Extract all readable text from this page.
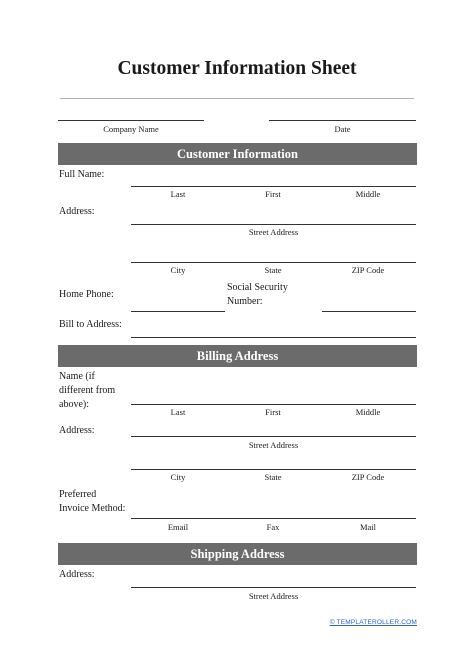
Customer Information Sheet
Company Name	Date
Customer Information
Full Name:
Last	First	Middle
Address:
Street Address
City	State	ZIP Code
Home Phone:
Social Security
Number:
Bill to Address:
Billing Address
Name (if
different from
above):
Last	First	Middle
Address:
Street Address
City	State	ZIP Code
Preferred
Invoice Method:
Email	Fax	Mail
Shipping Address
Address:
Street Address
© TEMPLATEROLLER.COM
